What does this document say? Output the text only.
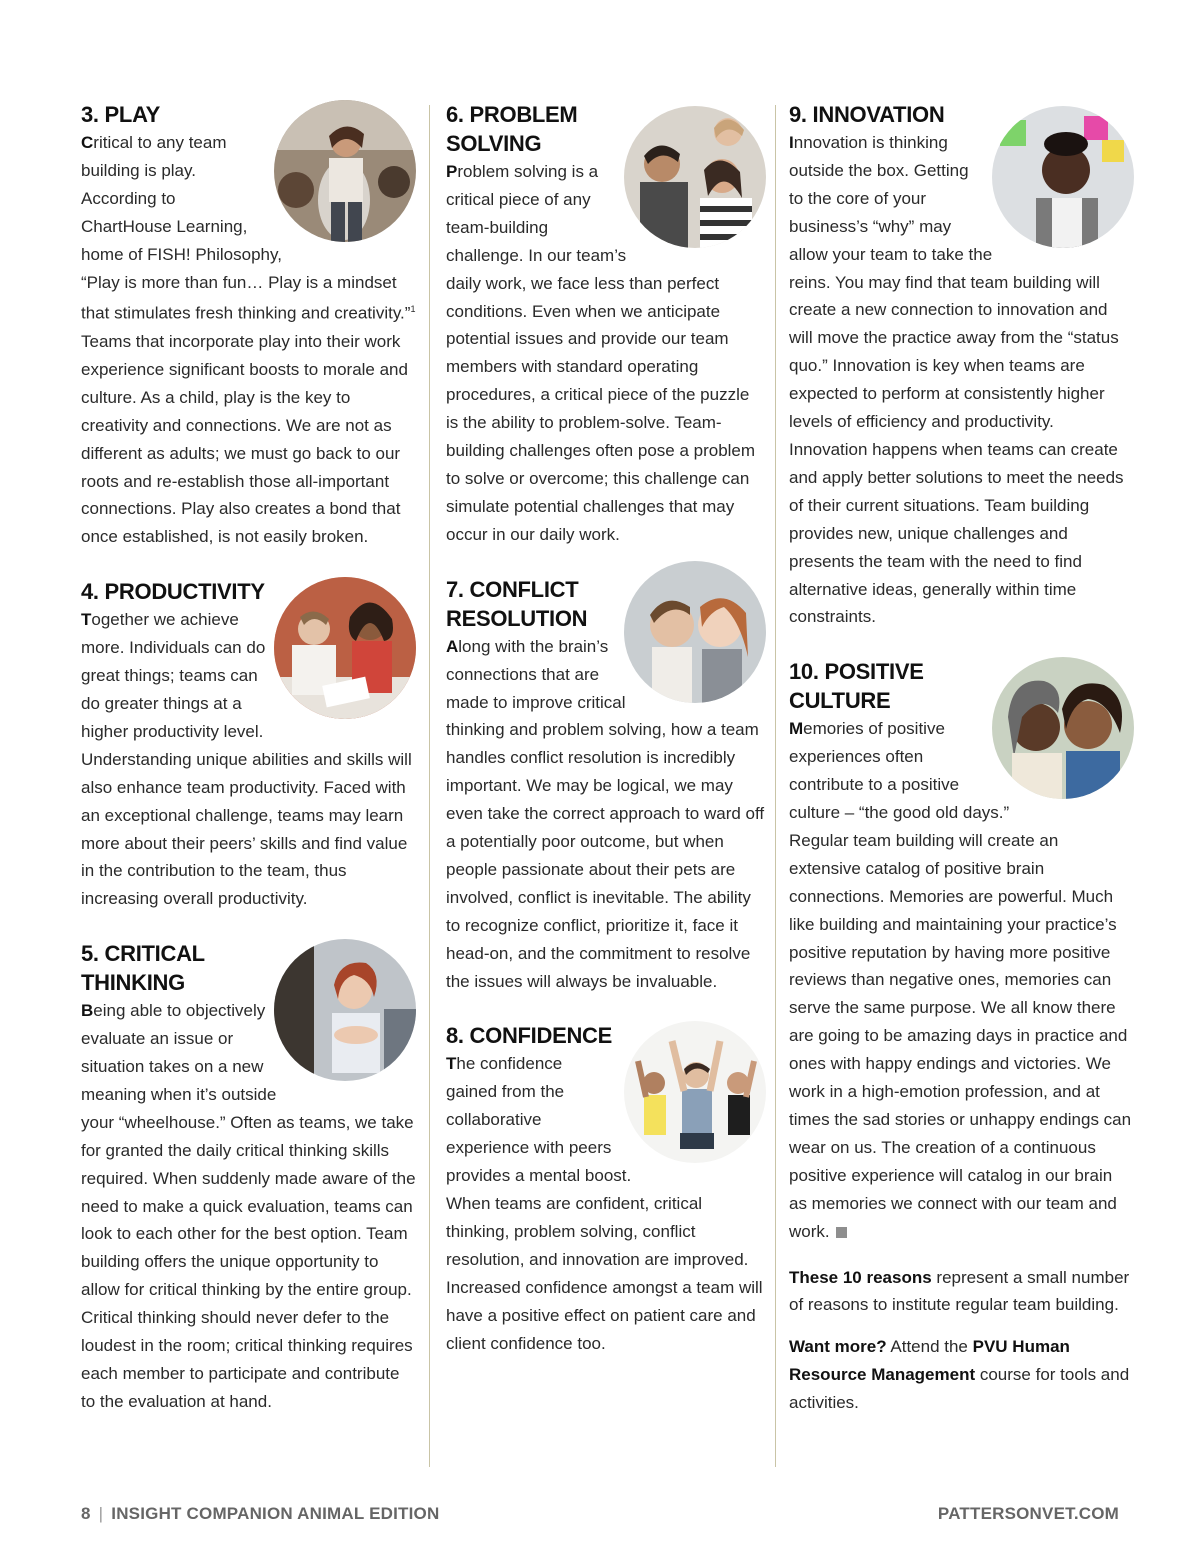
3. PLAY

Critical to any team building is play. According to ChartHouse Learning, home of FISH! Philosophy, “Play is more than fun… Play is a mindset that stimulates fresh thinking and creativity.”$^1$ Teams that incorporate play into their work experience significant boosts to morale and culture. As a child, play is the key to creativity and connections. We are not as different as adults; we must go back to our roots and re-establish those all-important connections. Play also creates a bond that once established, is not easily broken.

4. PRODUCTIVITY

Together we achieve more. Individuals can do great things; teams can do greater things at a higher productivity level. Understanding unique abilities and skills will also enhance team productivity. Faced with an exceptional challenge, teams may learn more about their peers’ skills and find value in the contribution to the team, thus increasing overall productivity.

5. CRITICAL THINKING

Being able to objectively evaluate an issue or situation takes on a new meaning when it’s outside your “wheelhouse.” Often as teams, we take for granted the daily critical thinking skills required. When suddenly made aware of the need to make a quick evaluation, teams can look to each other for the best option. Team building offers the unique opportunity to allow for critical thinking by the entire group. Critical thinking should never defer to the loudest in the room; critical thinking requires each member to participate and contribute to the evaluation at hand.

6. PROBLEM SOLVING

Problem solving is a critical piece of any team-building challenge. In our team’s daily work, we face less than perfect conditions. Even when we anticipate potential issues and provide our team members with standard operating procedures, a critical piece of the puzzle is the ability to problem-solve. Team-building challenges often pose a problem to solve or overcome; this challenge can simulate potential challenges that may occur in our daily work.

7. CONFLICT RESOLUTION

Along with the brain’s connections that are made to improve critical thinking and problem solving, how a team handles conflict resolution is incredibly important. We may be logical, we may even take the correct approach to ward off a potentially poor outcome, but when people passionate about their pets are involved, conflict is inevitable. The ability to recognize conflict, prioritize it, face it head-on, and the commitment to resolve the issues will always be invaluable.

8. CONFIDENCE

The confidence gained from the collaborative experience with peers provides a mental boost. When teams are confident, critical thinking, problem solving, conflict resolution, and innovation are improved. Increased confidence amongst a team will have a positive effect on patient care and client confidence too.

9. INNOVATION

Innovation is thinking outside the box. Getting to the core of your business’s “why” may allow your team to take the reins. You may find that team building will create a new connection to innovation and will move the practice away from the “status quo.” Innovation is key when teams are expected to perform at consistently higher levels of efficiency and productivity. Innovation happens when teams can create and apply better solutions to meet the needs of their current situations. Team building provides new, unique challenges and presents the team with the need to find alternative ideas, generally within time constraints.

10. POSITIVE CULTURE

Memories of positive experiences often contribute to a positive culture – “the good old days.” Regular team building will create an extensive catalog of positive brain connections. Memories are powerful. Much like building and maintaining your practice’s positive reputation by having more positive reviews than negative ones, memories can serve the same purpose. We all know there are going to be amazing days in practice and ones with happy endings and victories. We work in a high-emotion profession, and at times the sad stories or unhappy endings can wear on us. The creation of a continuous positive experience will catalog in our brain as memories we connect with our team and work.

These 10 reasons represent a small number of reasons to institute regular team building.

Want more? Attend the PVU Human Resource Management course for tools and activities.

8 | INSIGHT COMPANION ANIMAL EDITION	PATTERSONVET.COM
